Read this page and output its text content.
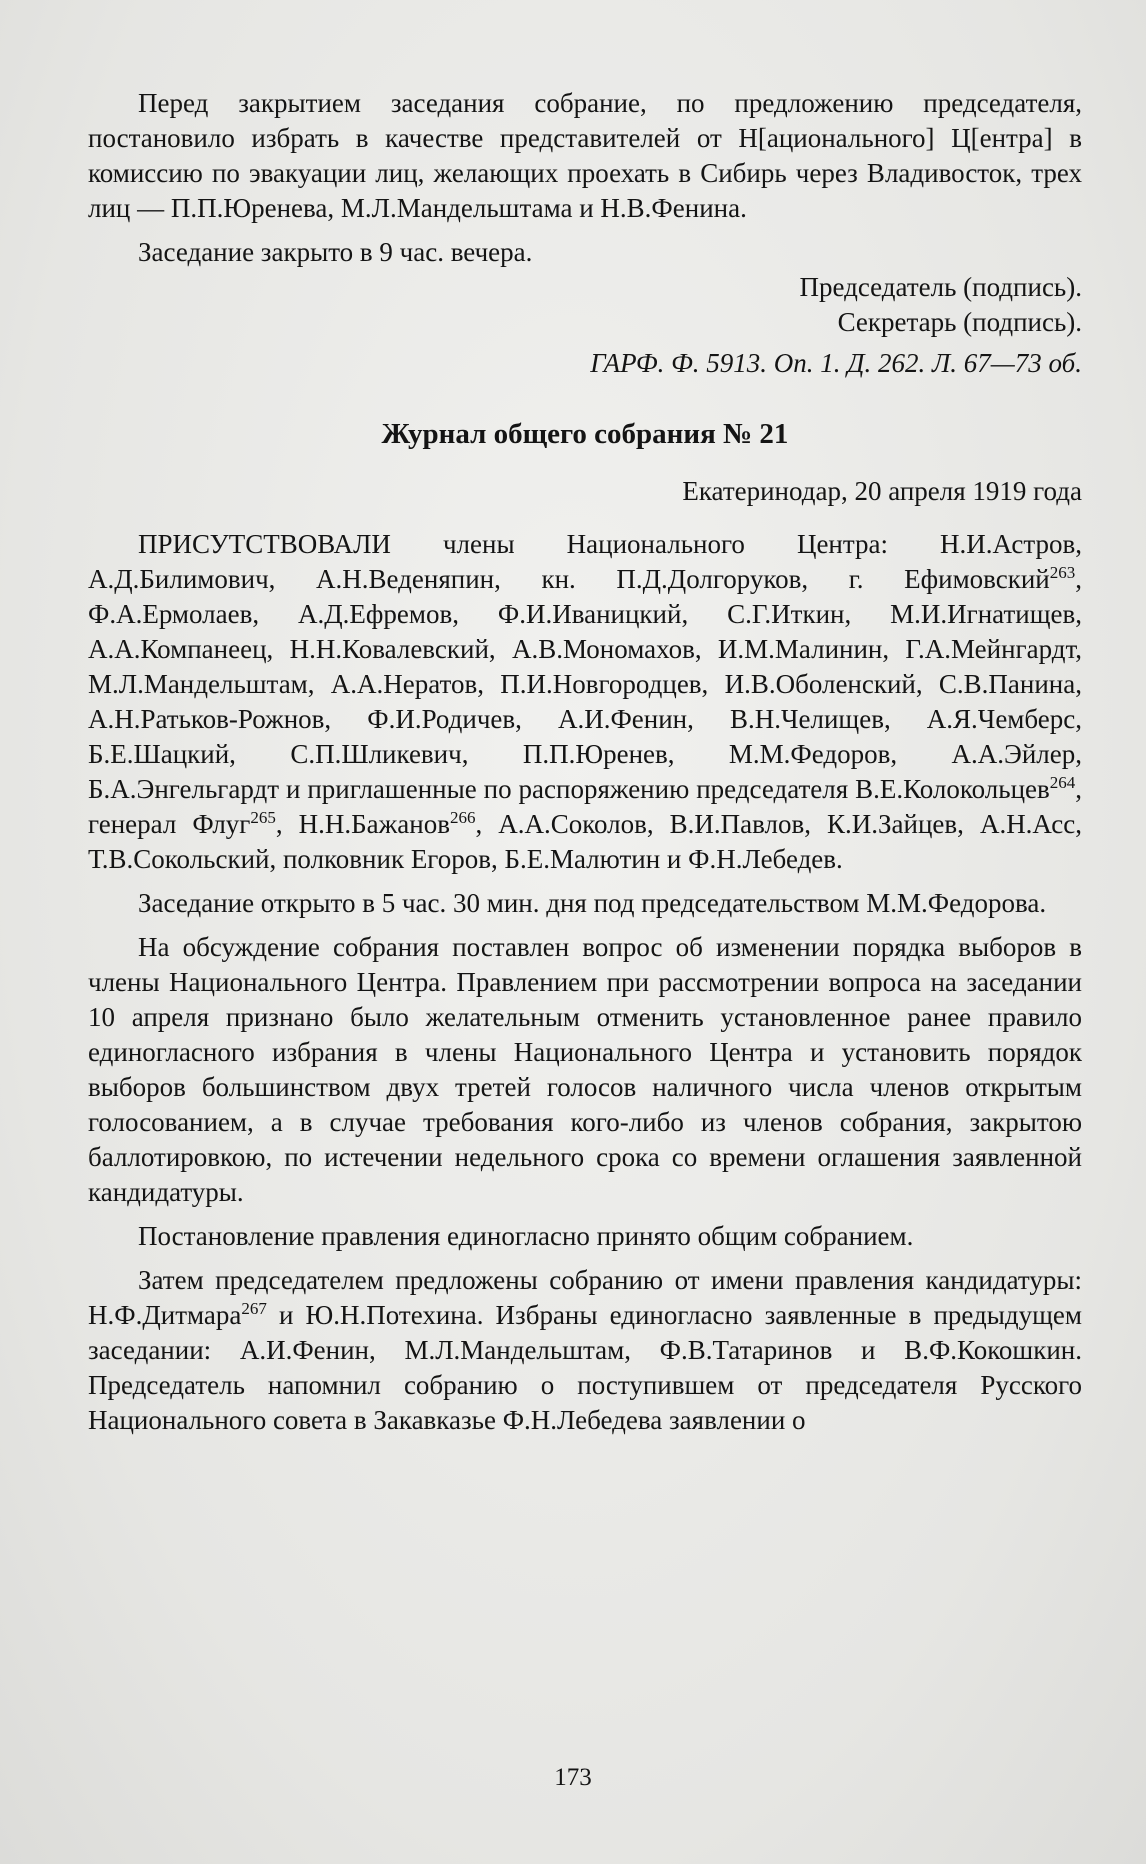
Перед закрытием заседания собрание, по предложению председателя, постановило избрать в качестве представителей от Н[ационального] Ц[ентра] в комиссию по эвакуации лиц, желающих проехать в Сибирь через Владивосток, трех лиц — П.П.Юренева, М.Л.Мандельштама и Н.В.Фенина.

Заседание закрыто в 9 час. вечера.

Председатель (подпись).

Секретарь (подпись).

ГАРФ. Ф. 5913. Оп. 1. Д. 262. Л. 67—73 об.

Журнал общего собрания № 21

Екатеринодар, 20 апреля 1919 года

ПРИСУТСТВОВАЛИ члены Национального Центра: Н.И.Астров, А.Д.Билимович, А.Н.Веденяпин, кн. П.Д.Долгоруков, г. Ефимовский$^{263}$, Ф.А.Ермолаев, А.Д.Ефремов, Ф.И.Иваницкий, С.Г.Иткин, М.И.Игнатищев, А.А.Компанеец, Н.Н.Ковалевский, А.В.Мономахов, И.М.Малинин, Г.А.Мейнгардт, М.Л.Мандельштам, А.А.Нератов, П.И.Новгородцев, И.В.Оболенский, С.В.Панина, А.Н.Ратьков-Рожнов, Ф.И.Родичев, А.И.Фенин, В.Н.Челищев, А.Я.Чемберс, Б.Е.Шацкий, С.П.Шликевич, П.П.Юренев, М.М.Федоров, А.А.Эйлер, Б.А.Энгельгардт и приглашенные по распоряжению председателя В.Е.Колокольцев$^{264}$, генерал Флуг$^{265}$, Н.Н.Бажанов$^{266}$, А.А.Соколов, В.И.Павлов, К.И.Зайцев, А.Н.Асс, Т.В.Сокольский, полковник Егоров, Б.Е.Малютин и Ф.Н.Лебедев.

Заседание открыто в 5 час. 30 мин. дня под председательством М.М.Федорова.

На обсуждение собрания поставлен вопрос об изменении порядка выборов в члены Национального Центра. Правлением при рассмотрении вопроса на заседании 10 апреля признано было желательным отменить установленное ранее правило единогласного избрания в члены Национального Центра и установить порядок выборов большинством двух третей голосов наличного числа членов открытым голосованием, а в случае требования кого-либо из членов собрания, закрытою баллотировкою, по истечении недельного срока со времени оглашения заявленной кандидатуры.

Постановление правления единогласно принято общим собранием.

Затем председателем предложены собранию от имени правления кандидатуры: Н.Ф.Дитмара$^{267}$ и Ю.Н.Потехина. Избраны единогласно заявленные в предыдущем заседании: А.И.Фенин, М.Л.Мандельштам, Ф.В.Татаринов и В.Ф.Кокошкин. Председатель напомнил собранию о поступившем от председателя Русского Национального совета в Закавказье Ф.Н.Лебедева заявлении о

173
